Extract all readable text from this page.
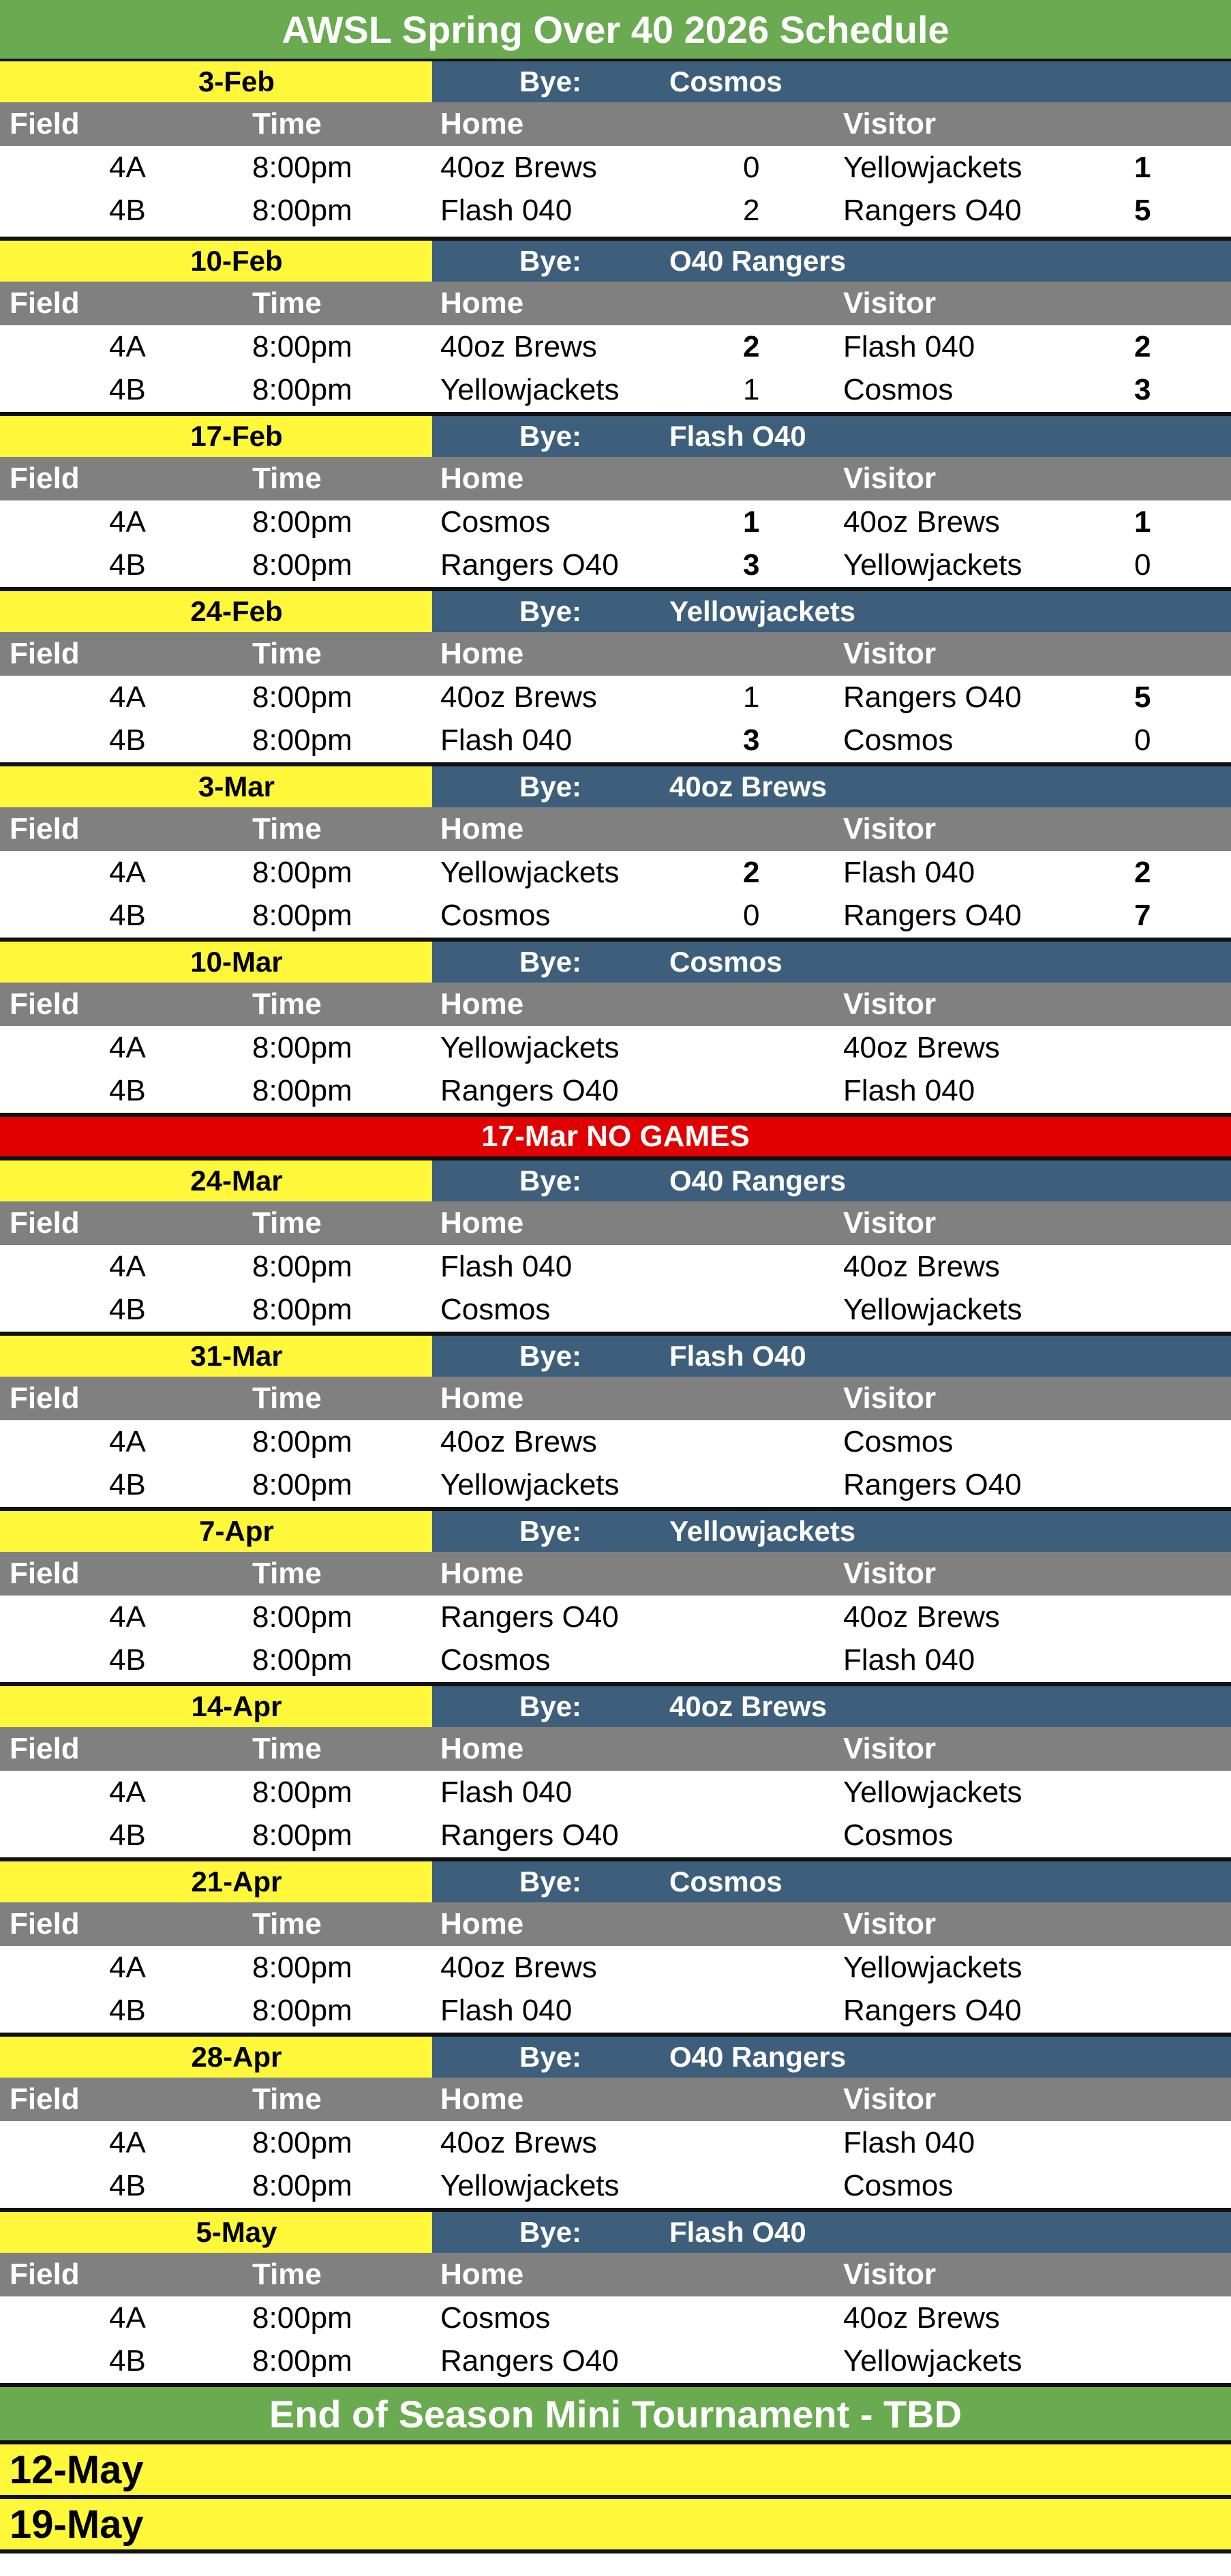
AWSL Spring Over 40 2026 Schedule
3-Feb	Bye:	Cosmos
Field	Time	Home	Visitor
4A	8:00pm	40oz Brews	0	Yellowjackets	1
4B	8:00pm	Flash 040	2	Rangers O40	5
10-Feb	Bye:	O40 Rangers
Field	Time	Home	Visitor
4A	8:00pm	40oz Brews	2	Flash 040	2
4B	8:00pm	Yellowjackets	1	Cosmos	3
17-Feb	Bye:	Flash O40
Field	Time	Home	Visitor
4A	8:00pm	Cosmos	1	40oz Brews	1
4B	8:00pm	Rangers O40	3	Yellowjackets	0
24-Feb	Bye:	Yellowjackets
Field	Time	Home	Visitor
4A	8:00pm	40oz Brews	1	Rangers O40	5
4B	8:00pm	Flash 040	3	Cosmos	0
3-Mar	Bye:	40oz Brews
Field	Time	Home	Visitor
4A	8:00pm	Yellowjackets	2	Flash 040	2
4B	8:00pm	Cosmos	0	Rangers O40	7
10-Mar	Bye:	Cosmos
Field	Time	Home	Visitor
4A	8:00pm	Yellowjackets	40oz Brews
4B	8:00pm	Rangers O40	Flash 040
24-Mar	Bye:	O40 Rangers
Field	Time	Home	Visitor
4A	8:00pm	Flash 040	40oz Brews
4B	8:00pm	Cosmos	Yellowjackets
31-Mar	Bye:	Flash O40
Field	Time	Home	Visitor
4A	8:00pm	40oz Brews	Cosmos
4B	8:00pm	Yellowjackets	Rangers O40
7-Apr	Bye:	Yellowjackets
Field	Time	Home	Visitor
4A	8:00pm	Rangers O40	40oz Brews
4B	8:00pm	Cosmos	Flash 040
14-Apr	Bye:	40oz Brews
Field	Time	Home	Visitor
4A	8:00pm	Flash 040	Yellowjackets
4B	8:00pm	Rangers O40	Cosmos
21-Apr	Bye:	Cosmos
Field	Time	Home	Visitor
4A	8:00pm	40oz Brews	Yellowjackets
4B	8:00pm	Flash 040	Rangers O40
28-Apr	Bye:	O40 Rangers
Field	Time	Home	Visitor
4A	8:00pm	40oz Brews	Flash 040
4B	8:00pm	Yellowjackets	Cosmos
5-May	Bye:	Flash O40
Field	Time	Home	Visitor
4A	8:00pm	Cosmos	40oz Brews
4B	8:00pm	Rangers O40	Yellowjackets
17-Mar NO GAMES
End of Season Mini Tournament - TBD
12-May
19-May
